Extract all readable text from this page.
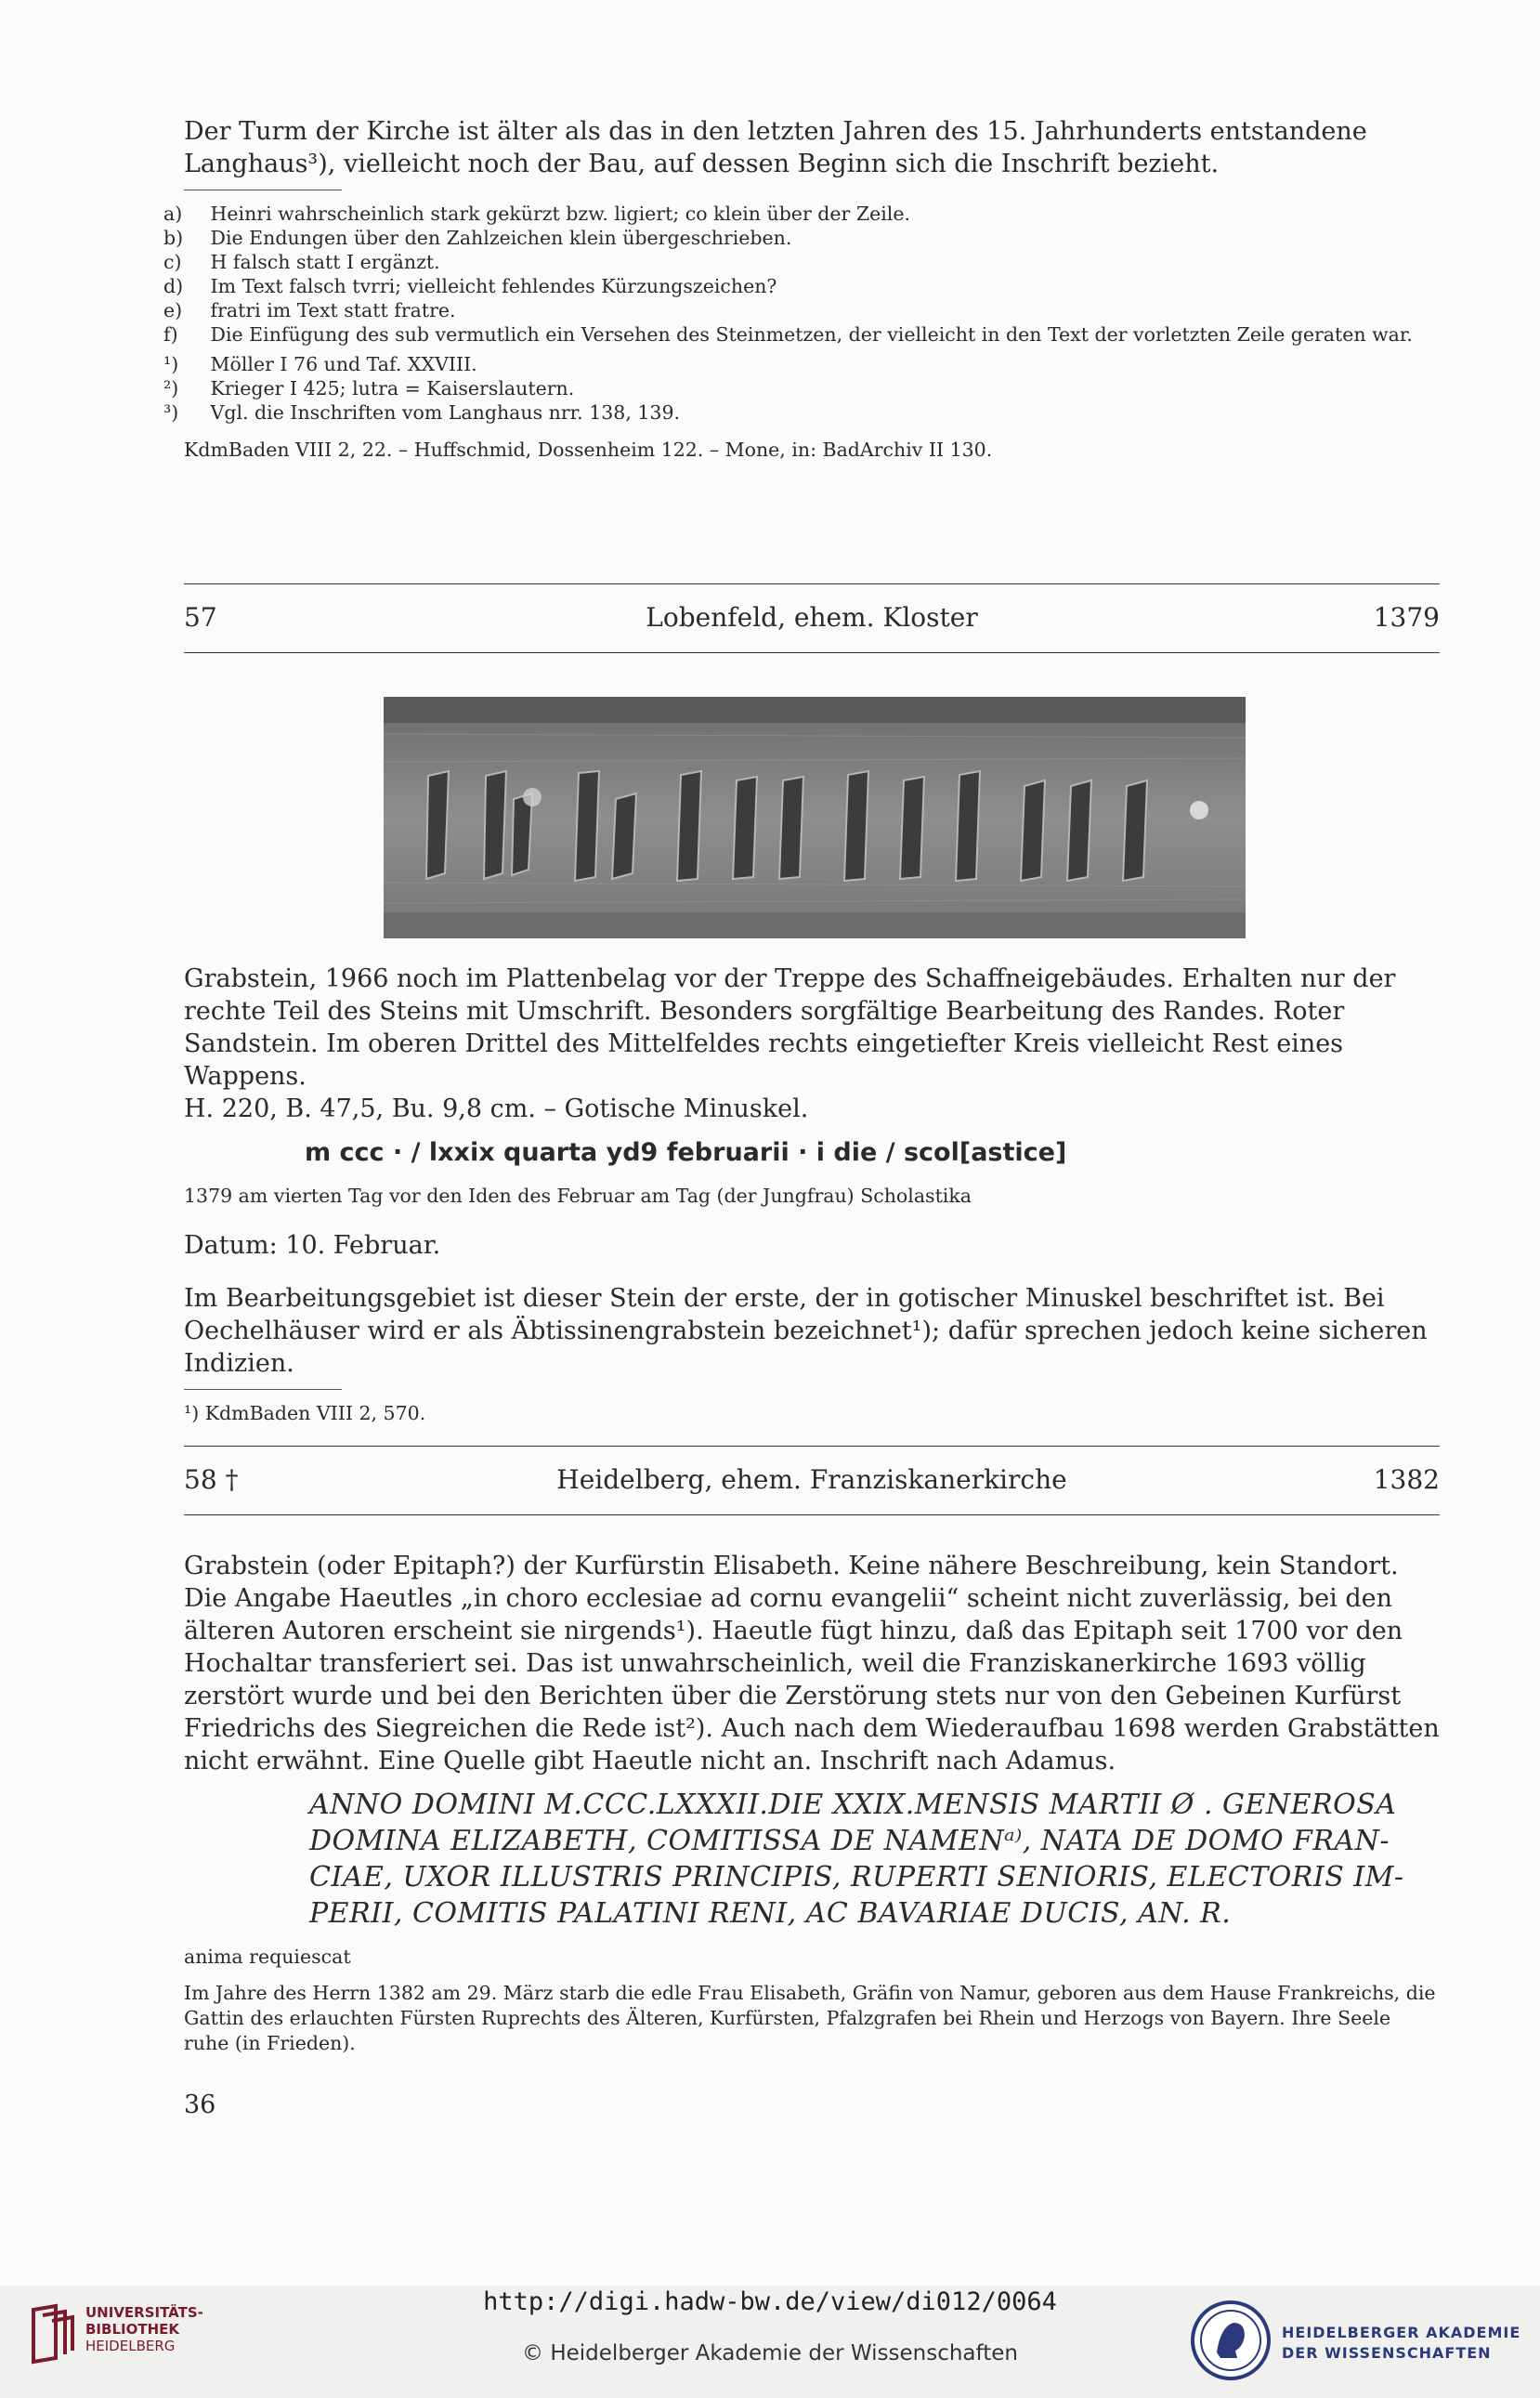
Der Turm der Kirche ist älter als das in den letzten Jahren des 15. Jahrhunderts entstandene Langhaus³), vielleicht noch der Bau, auf dessen Beginn sich die Inschrift bezieht.

a) Heinri wahrscheinlich stark gekürzt bzw. ligiert; co klein über der Zeile.

b) Die Endungen über den Zahlzeichen klein übergeschrieben.

c) H falsch statt I ergänzt.

d) Im Text falsch tvrri; vielleicht fehlendes Kürzungszeichen?

e) fratri im Text statt fratre.

f) Die Einfügung des sub vermutlich ein Versehen des Steinmetzen, der vielleicht in den Text der vorletzten Zeile geraten war.

¹) Möller I 76 und Taf. XXVIII.

²) Krieger I 425; lutra = Kaiserslautern.

³) Vgl. die Inschriften vom Langhaus nrr. 138, 139.

KdmBaden VIII 2, 22. – Huffschmid, Dossenheim 122. – Mone, in: BadArchiv II 130.

57	Lobenfeld, ehem. Kloster	1379

Grabstein, 1966 noch im Plattenbelag vor der Treppe des Schaffneigebäudes. Erhalten nur der rechte Teil des Steins mit Umschrift. Besonders sorgfältige Bearbeitung des Randes. Roter Sandstein. Im oberen Drittel des Mittelfeldes rechts eingetiefter Kreis vielleicht Rest eines Wappens.

H. 220, B. 47,5, Bu. 9,8 cm. – Gotische Minuskel.

m ccc · / lxxix quarta yd9 februarii · i die / scol[astice]

1379 am vierten Tag vor den Iden des Februar am Tag (der Jungfrau) Scholastika

Datum: 10. Februar.

Im Bearbeitungsgebiet ist dieser Stein der erste, der in gotischer Minuskel beschriftet ist. Bei Oechelhäuser wird er als Äbtissinengrabstein bezeichnet¹); dafür sprechen jedoch keine sicheren Indizien.

¹) KdmBaden VIII 2, 570.

58 †	Heidelberg, ehem. Franziskanerkirche	1382

Grabstein (oder Epitaph?) der Kurfürstin Elisabeth. Keine nähere Beschreibung, kein Standort. Die Angabe Haeutles „in choro ecclesiae ad cornu evangelii“ scheint nicht zuverlässig, bei den älteren Autoren erscheint sie nirgends¹). Haeutle fügt hinzu, daß das Epitaph seit 1700 vor den Hochaltar transferiert sei. Das ist unwahrscheinlich, weil die Franziskanerkirche 1693 völlig zerstört wurde und bei den Berichten über die Zerstörung stets nur von den Gebeinen Kurfürst Friedrichs des Siegreichen die Rede ist²). Auch nach dem Wiederaufbau 1698 werden Grabstätten nicht erwähnt. Eine Quelle gibt Haeutle nicht an. Inschrift nach Adamus.

ANNO DOMINI M.CCC.LXXXII.DIE XXIX.MENSIS MARTII Ø . GENEROSA
DOMINA ELIZABETH, COMITISSA DE NAMENᵃ⁾, NATA DE DOMO FRAN-
CIAE, UXOR ILLUSTRIS PRINCIPIS, RUPERTI SENIORIS, ELECTORIS IM-
PERII, COMITIS PALATINI RENI, AC BAVARIAE DUCIS, AN. R.

anima requiescat

Im Jahre des Herrn 1382 am 29. März starb die edle Frau Elisabeth, Gräfin von Namur, geboren aus dem Hause Frankreichs, die Gattin des erlauchten Fürsten Ruprechts des Älteren, Kurfürsten, Pfalzgrafen bei Rhein und Herzogs von Bayern. Ihre Seele ruhe (in Frieden).

36
UNIVERSITÄTS-
BIBLIOTHEK
HEIDELBERG
http://digi.hadw-bw.de/view/di012/0064
© Heidelberger Akademie der Wissenschaften
HEIDELBERGER AKADEMIE
DER WISSENSCHAFTEN
